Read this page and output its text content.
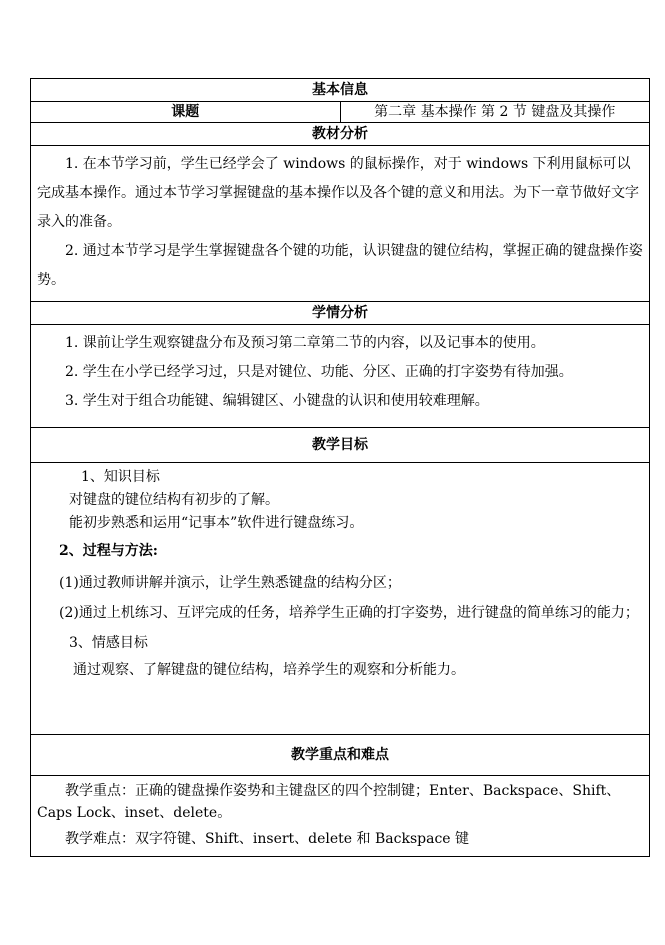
基本信息
课题	第二章 基本操作 第 2 节 键盘及其操作
教材分析

1. 在本节学习前，学生已经学会了 windows 的鼠标操作，对于 windows 下利用鼠标可以完成基本操作。通过本节学习掌握键盘的基本操作以及各个键的意义和用法。为下一章节做好文字录入的准备。

2. 通过本节学习是学生掌握键盘各个键的功能，认识键盘的键位结构，掌握正确的键盘操作姿势。

学情分析

1. 课前让学生观察键盘分布及预习第二章第二节的内容，以及记事本的使用。

2. 学生在小学已经学习过，只是对键位、功能、分区、正确的打字姿势有待加强。

3. 学生对于组合功能键、编辑键区、小键盘的认识和使用较难理解。

教学目标

1、知识目标

对键盘的键位结构有初步的了解。

能初步熟悉和运用“记事本”软件进行键盘练习。

2、过程与方法:

(1)通过教师讲解并演示，让学生熟悉键盘的结构分区；

(2)通过上机练习、互评完成的任务，培养学生正确的打字姿势，进行键盘的简单练习的能力；

3、情感目标

通过观察、了解键盘的键位结构，培养学生的观察和分析能力。

教学重点和难点

教学重点：正确的键盘操作姿势和主键盘区的四个控制键；Enter、Backspace、Shift、Caps Lock、inset、delete。

教学难点：双字符键、Shift、insert、delete 和 Backspace 键
